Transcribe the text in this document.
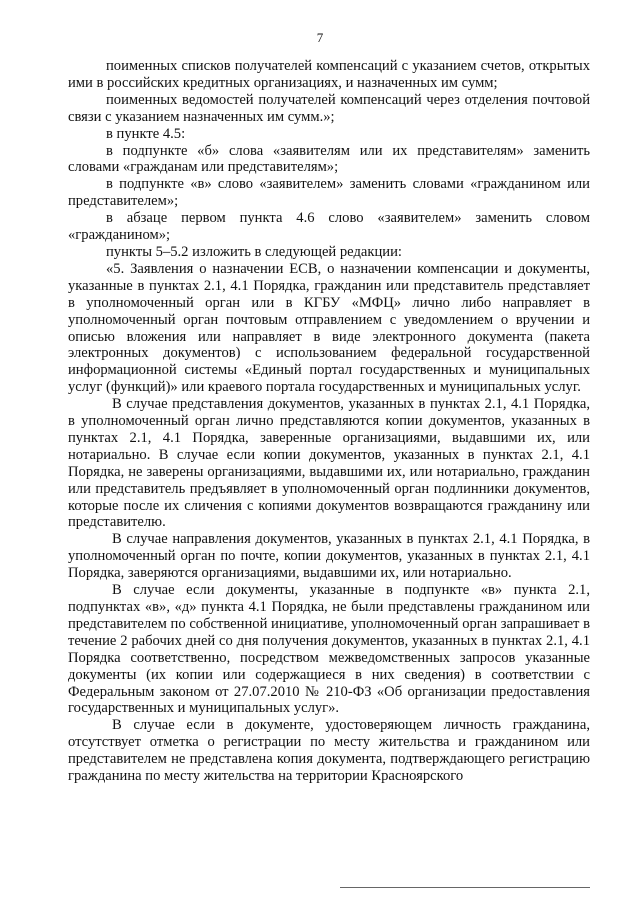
7

поименных списков получателей компенсаций с указанием счетов, открытых ими в российских кредитных организациях, и назначенных им сумм;

поименных ведомостей получателей компенсаций через отделения почтовой связи с указанием назначенных им сумм.»;

в пункте 4.5:

в подпункте «б» слова «заявителям или их представителям» заменить словами «гражданам или представителям»;

в подпункте «в» слово «заявителем» заменить словами «гражданином или представителем»;

в абзаце первом пункта 4.6 слово «заявителем» заменить словом «гражданином»;

пункты 5–5.2 изложить в следующей редакции:

«5. Заявления о назначении ЕСВ, о назначении компенсации и документы, указанные в пунктах 2.1, 4.1 Порядка, гражданин или представитель представляет в уполномоченный орган или в КГБУ «МФЦ» лично либо направляет в уполномоченный орган почтовым отправлением с уведомлением о вручении и описью вложения или направляет в виде электронного документа (пакета электронных документов) с использованием федеральной государственной информационной системы «Единый портал государственных и муниципальных услуг (функций)» или краевого портала государственных и муниципальных услуг.

В случае представления документов, указанных в пунктах 2.1, 4.1 Порядка, в уполномоченный орган лично представляются копии документов, указанных в пунктах 2.1, 4.1 Порядка, заверенные организациями, выдавшими их, или нотариально. В случае если копии документов, указанных в пунктах 2.1, 4.1 Порядка, не заверены организациями, выдавшими их, или нотариально, гражданин или представитель предъявляет в уполномоченный орган подлинники документов, которые после их сличения с копиями документов возвращаются гражданину или представителю.

В случае направления документов, указанных в пунктах 2.1, 4.1 Порядка, в уполномоченный орган по почте, копии документов, указанных в пунктах 2.1, 4.1 Порядка, заверяются организациями, выдавшими их, или нотариально.

В случае если документы, указанные в подпункте «в» пункта 2.1, подпунктах «в», «д» пункта 4.1 Порядка, не были представлены гражданином или представителем по собственной инициативе, уполномоченный орган запрашивает в течение 2 рабочих дней со дня получения документов, указанных в пунктах 2.1, 4.1 Порядка соответственно, посредством межведомственных запросов указанные документы (их копии или содержащиеся в них сведения) в соответствии с Федеральным законом от 27.07.2010 № 210-ФЗ «Об организации предоставления государственных и муниципальных услуг».

В случае если в документе, удостоверяющем личность гражданина, отсутствует отметка о регистрации по месту жительства и гражданином или представителем не представлена копия документа, подтверждающего регистрацию гражданина по месту жительства на территории Красноярского
